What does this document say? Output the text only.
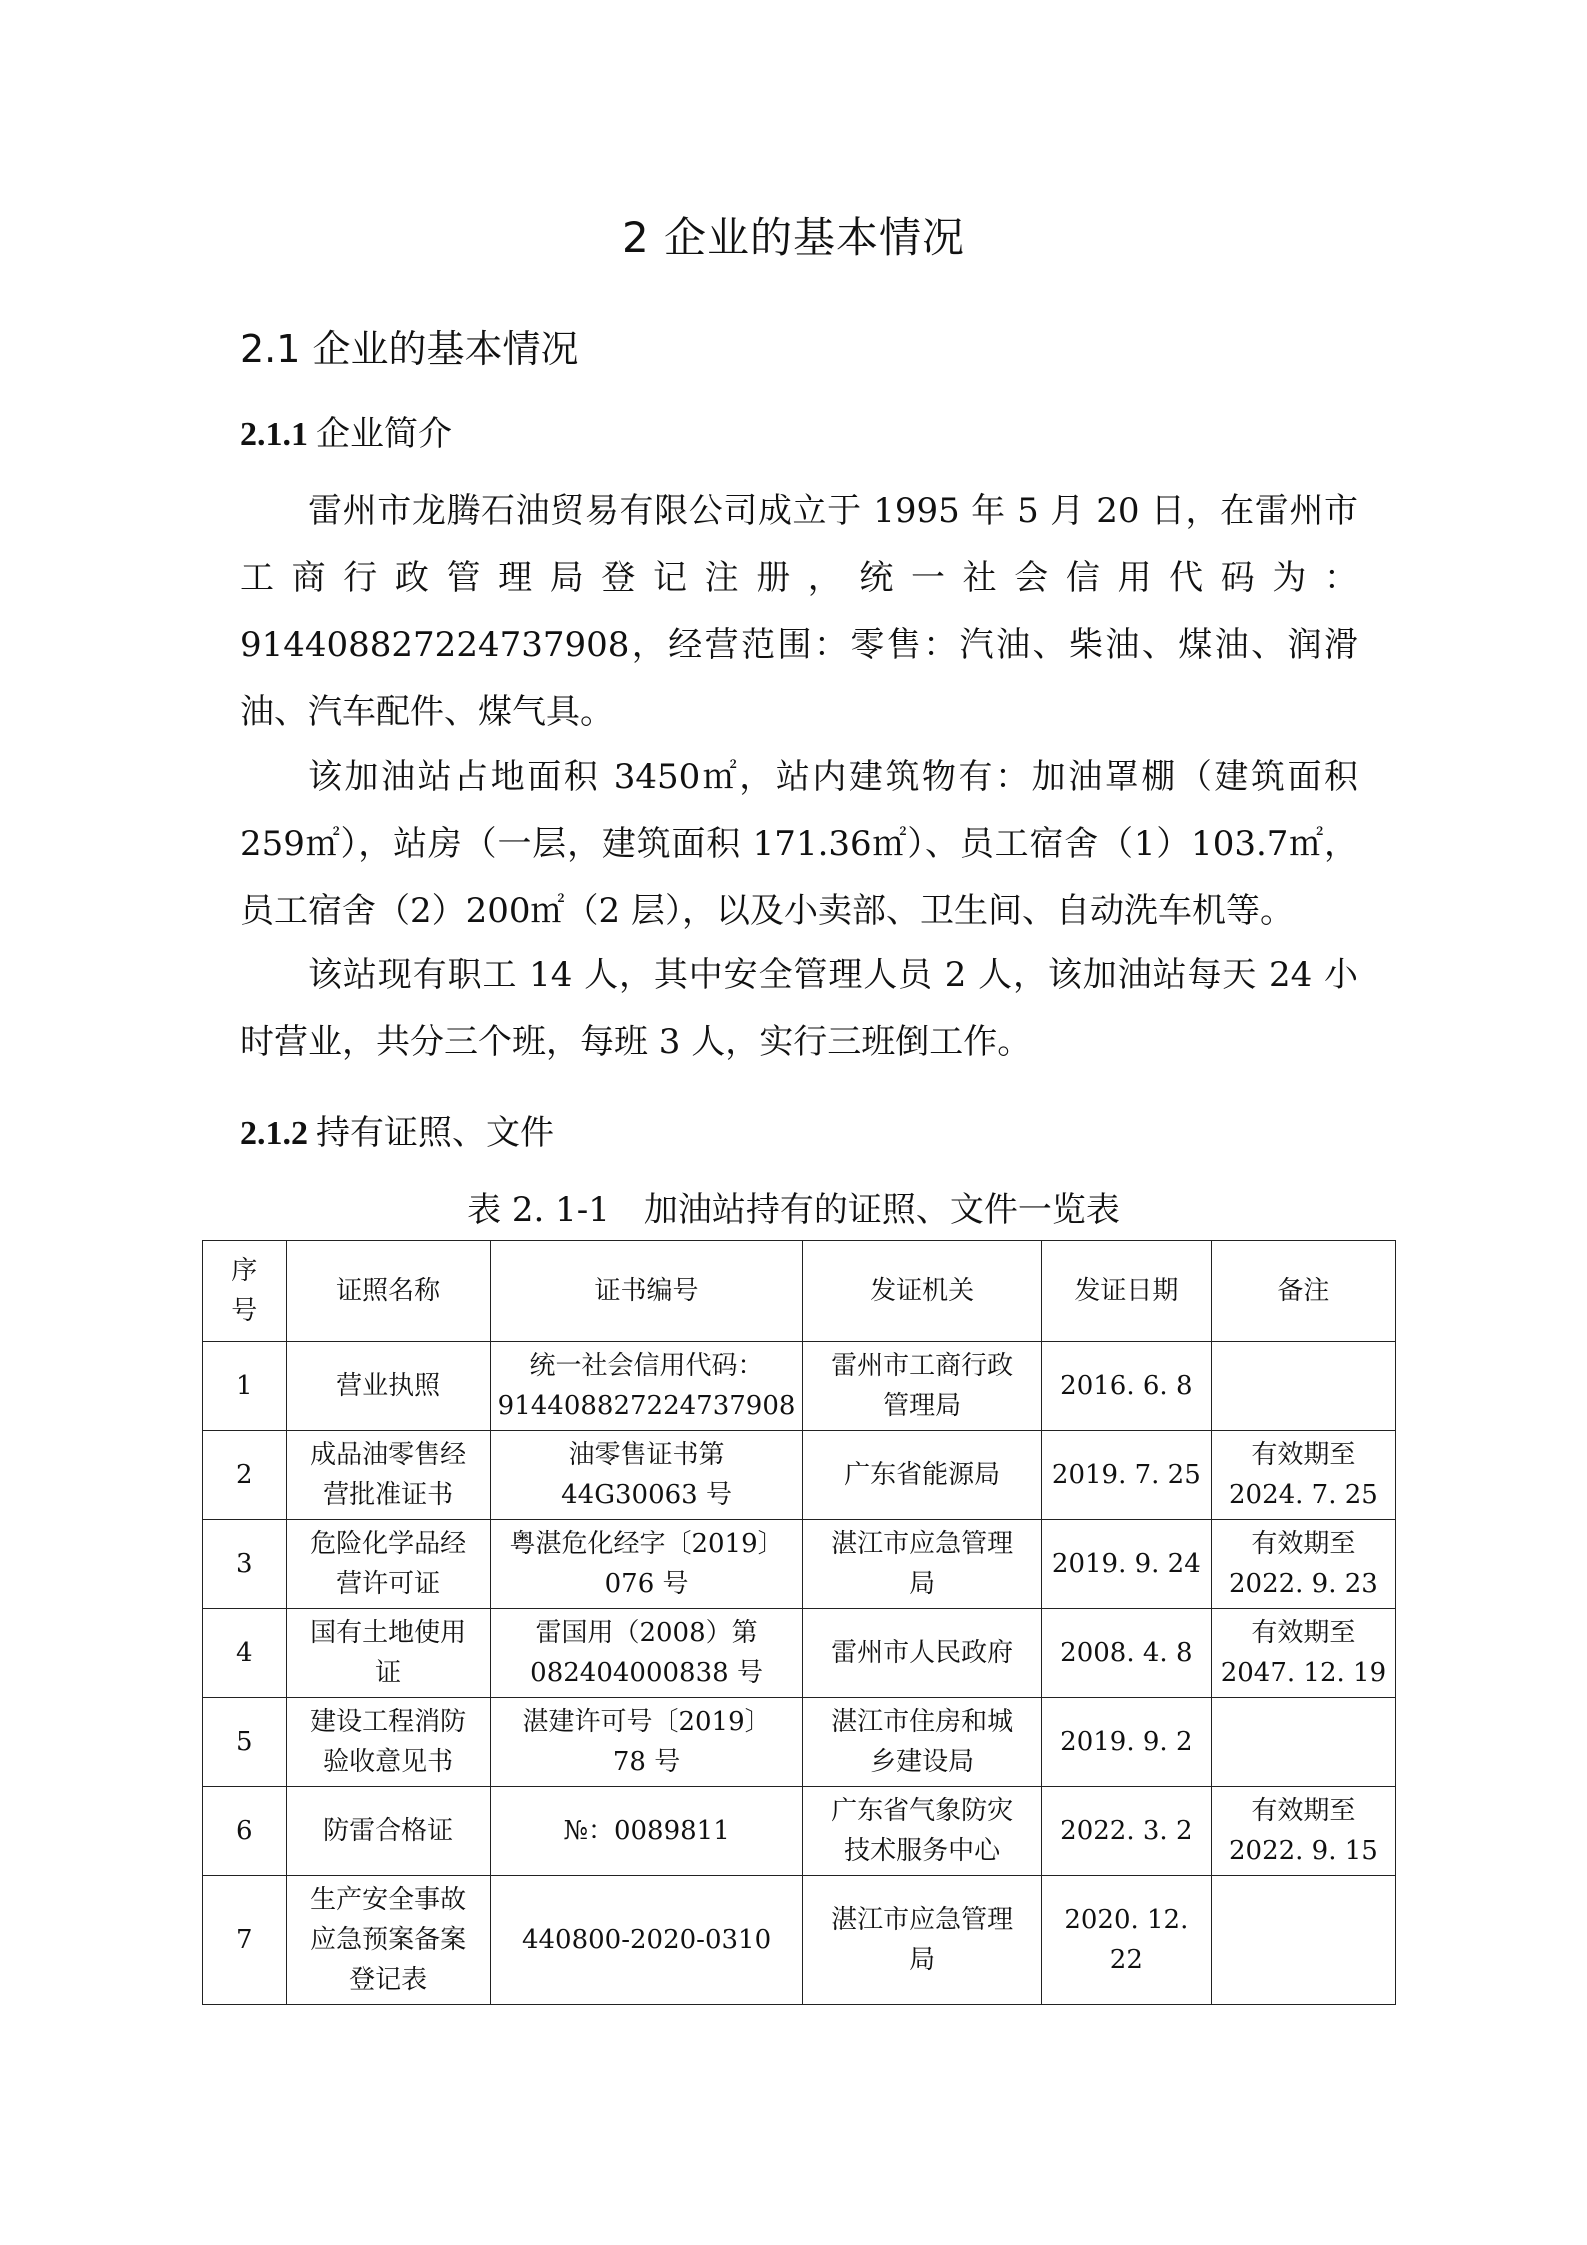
2 企业的基本情况
2.1 企业的基本情况
2.1.1 企业简介

雷州市龙腾石油贸易有限公司成立于 1995 年 5 月 20 日，在雷州市工商行政管理局登记注册，统一社会信用代码为：914408827224737908，经营范围：零售：汽油、柴油、煤油、润滑油、汽车配件、煤气具。

该加油站占地面积 3450㎡，站内建筑物有：加油罩棚（建筑面积 259㎡），站房（一层，建筑面积 171.36㎡）、员工宿舍（1）103.7㎡，员工宿舍（2）200㎡（2 层），以及小卖部、卫生间、自动洗车机等。

该站现有职工 14 人，其中安全管理人员 2 人，该加油站每天 24 小时营业，共分三个班，每班 3 人，实行三班倒工作。

2.1.2 持有证照、文件
表 2. 1-1　加油站持有的证照、文件一览表
序
号	证照名称	证书编号	发证机关	发证日期	备注

1	营业执照	统一社会信用代码：
914408827224737908	雷州市工商行政
管理局	2016. 6. 8	

2	成品油零售经
营批准证书	油零售证书第
44G30063 号	广东省能源局	2019. 7. 25	有效期至
2024. 7. 25

3	危险化学品经
营许可证	粤湛危化经字〔2019〕
076 号	湛江市应急管理
局	2019. 9. 24	有效期至
2022. 9. 23

4	国有土地使用
证	雷国用（2008）第
082404000838 号	雷州市人民政府	2008. 4. 8	有效期至
2047. 12. 19

5	建设工程消防
验收意见书	湛建许可号〔2019〕
78 号	湛江市住房和城
乡建设局	2019. 9. 2	

6	防雷合格证	№：0089811	广东省气象防灾
技术服务中心	2022. 3. 2	有效期至
2022. 9. 15

7	生产安全事故
应急预案备案
登记表	440800-2020-0310	湛江市应急管理
局	2020. 12. 22	
